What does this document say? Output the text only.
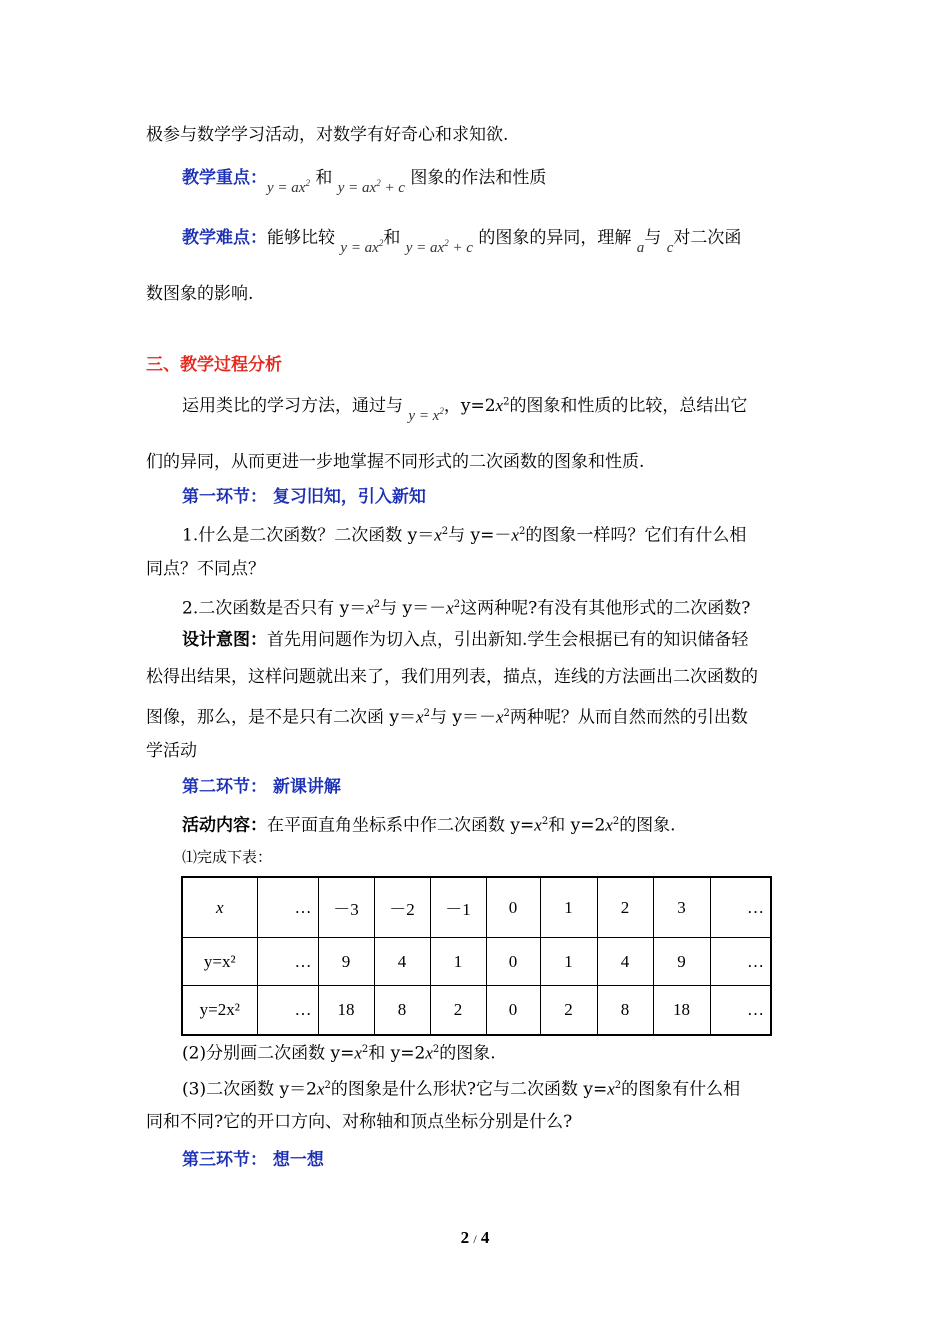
极参与数学学习活动，对数学有好奇心和求知欲.
教学重点：$y = ax^2$ 和 $y = ax^2 + c$ 图象的作法和性质
教学难点：能够比较 $y = ax^2$和 $y = ax^2 + c$ 的图象的异同，理解 a与 c对二次函
数图象的影响.
三、教学过程分析
运用类比的学习方法，通过与 $y = x^2$，$y=2x^2$的图象和性质的比较，总结出它
们的异同，从而更进一步地掌握不同形式的二次函数的图象和性质.
第一环节： 复习旧知，引入新知
1.什么是二次函数？二次函数 $y=x^2$与 $y=-x^2$的图象一样吗？它们有什么相
同点？不同点？
2.二次函数是否只有 $y=x^2$与 $y=-x^2$这两种呢?有没有其他形式的二次函数?
设计意图：首先用问题作为切入点，引出新知.学生会根据已有的知识储备轻
松得出结果，这样问题就出来了，我们用列表，描点，连线的方法画出二次函数的
图像，那么，是不是只有二次函 $y=x^2$与 $y=-x^2$两种呢？从而自然而然的引出数
学活动
第二环节： 新课讲解
活动内容：在平面直角坐标系中作二次函数 $y=x^2$和 $y=2x^2$的图象.
⑴完成下表：
x	…	－3	－2	－1	0	1	2	3	…
y=x²	…	9	4	1	0	1	4	9	…
y=2x²	…	18	8	2	0	2	8	18	…
(2)分别画二次函数 $y=x^2$和 $y=2x^2$的图象.
(3)二次函数 $y=2x^2$的图象是什么形状?它与二次函数 $y=x^2$的图象有什么相
同和不同?它的开口方向、对称轴和顶点坐标分别是什么?
第三环节： 想一想
2 / 4
